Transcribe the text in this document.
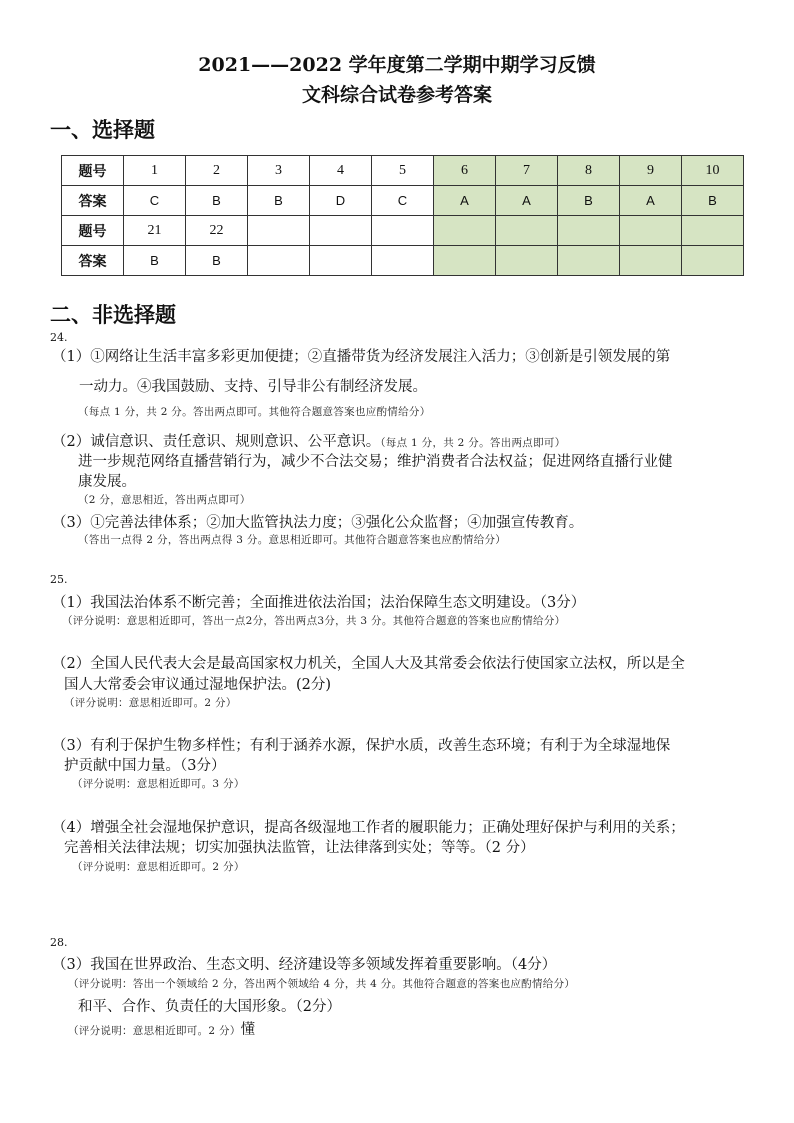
2021——2022 学年度第二学期中期学习反馈
文科综合试卷参考答案
一、选择题
题号	1	2	3	4	5	6	7	8	9	10
答案	C	B	B	D	C	A	A	B	A	B
题号	21	22								
答案	B	B								
二、非选择题
24.
（1）①网络让生活丰富多彩更加便捷；②直播带货为经济发展注入活力；③创新是引领发展的第
一动力。④我国鼓励、支持、引导非公有制经济发展。
（每点 1 分，共 2 分。答出两点即可。其他符合题意答案也应酌情给分）
（2）诚信意识、责任意识、规则意识、公平意识。（每点 1 分，共 2 分。答出两点即可）
进一步规范网络直播营销行为，减少不合法交易；维护消费者合法权益；促进网络直播行业健
康发展。
（2 分，意思相近，答出两点即可）
（3）①完善法律体系；②加大监管执法力度；③强化公众监督；④加强宣传教育。
（答出一点得 2 分，答出两点得 3 分。意思相近即可。其他符合题意答案也应酌情给分）
25.
（1）我国法治体系不断完善；全面推进依法治国；法治保障生态文明建设。（3分）
（评分说明：意思相近即可，答出一点2分，答出两点3分，共 3 分。其他符合题意的答案也应酌情给分）
（2）全国人民代表大会是最高国家权力机关，全国人大及其常委会依法行使国家立法权，所以是全
国人大常委会审议通过湿地保护法。(2分)
（评分说明：意思相近即可。2 分）
（3）有利于保护生物多样性；有利于涵养水源，保护水质，改善生态环境；有利于为全球湿地保
护贡献中国力量。（3分）
（评分说明：意思相近即可。3 分）
（4）增强全社会湿地保护意识，提高各级湿地工作者的履职能力；正确处理好保护与利用的关系；
完善相关法律法规；切实加强执法监管，让法律落到实处；等等。（2 分）
（评分说明：意思相近即可。2 分）
28.
（3）我国在世界政治、生态文明、经济建设等多领域发挥着重要影响。（4分）
（评分说明：答出一个领域给 2 分，答出两个领域给 4 分，共 4 分。其他符合题意的答案也应酌情给分）
和平、合作、负责任的大国形象。（2分）
（评分说明：意思相近即可。2 分）懂
